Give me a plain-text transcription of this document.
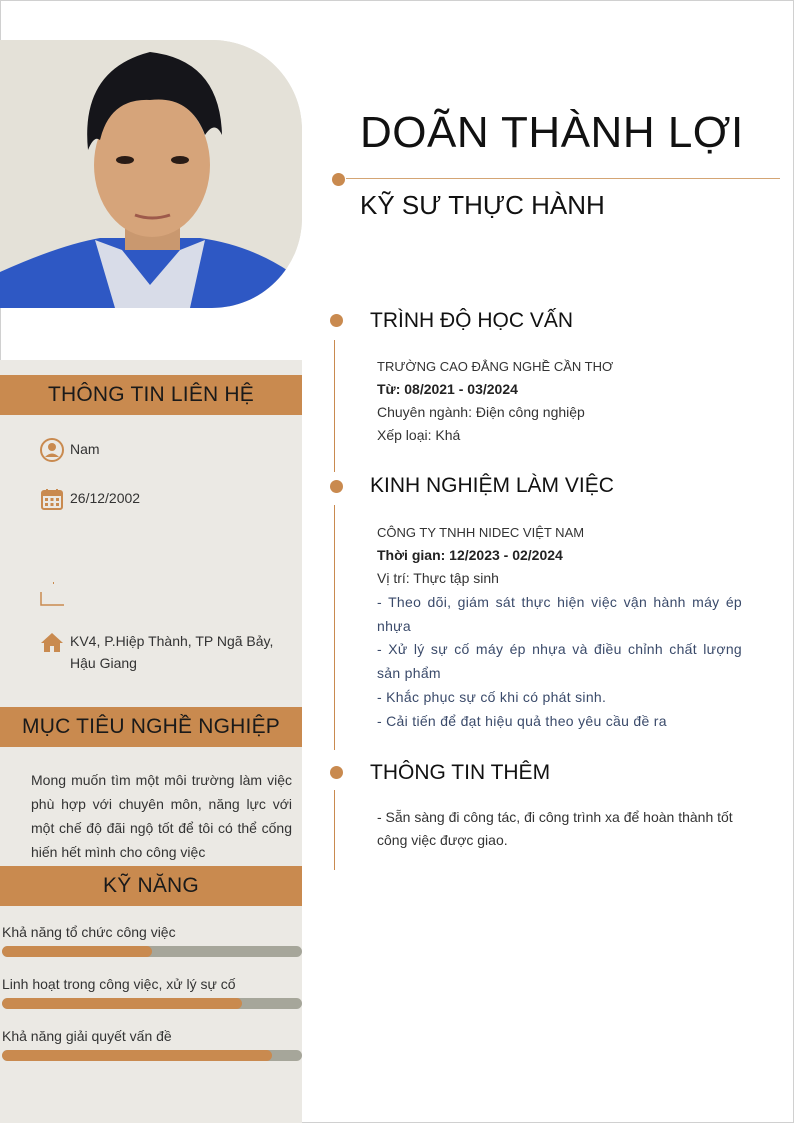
THÔNG TIN LIÊN HỆ
Nam
26/12/2002
KV4, P.Hiệp Thành, TP Ngã Bảy, Hậu Giang
MỤC TIÊU NGHỀ NGHIỆP
Mong muốn tìm một môi trường làm việc phù hợp với chuyên môn, năng lực với một chế độ đãi ngộ tốt để tôi có thể cống hiến hết mình cho công việc
KỸ NĂNG
Khả năng tổ chức công việc
Linh hoạt trong công việc, xử lý sự cố
Khả năng giải quyết vấn đề
DOÃN THÀNH LỢI
KỸ SƯ THỰC HÀNH
TRÌNH ĐỘ HỌC VẤN
TRƯỜNG CAO ĐẲNG NGHỀ CẦN THƠ
Từ: 08/2021 - 03/2024
Chuyên ngành: Điện công nghiệp
Xếp loại: Khá
KINH NGHIỆM LÀM VIỆC
CÔNG TY TNHH NIDEC VIỆT NAM
Thời gian: 12/2023 - 02/2024
Vị trí: Thực tập sinh
- Theo dõi, giám sát thực hiện việc vận hành máy ép nhựa
- Xử lý sự cố máy ép nhựa và điều chỉnh chất lượng sản phẩm
- Khắc phục sự cố khi có phát sinh.
- Cải tiến để đạt hiệu quả theo yêu cầu đề ra
THÔNG TIN THÊM
- Sẵn sàng đi công tác, đi công trình xa để hoàn thành tốt công việc được giao.
